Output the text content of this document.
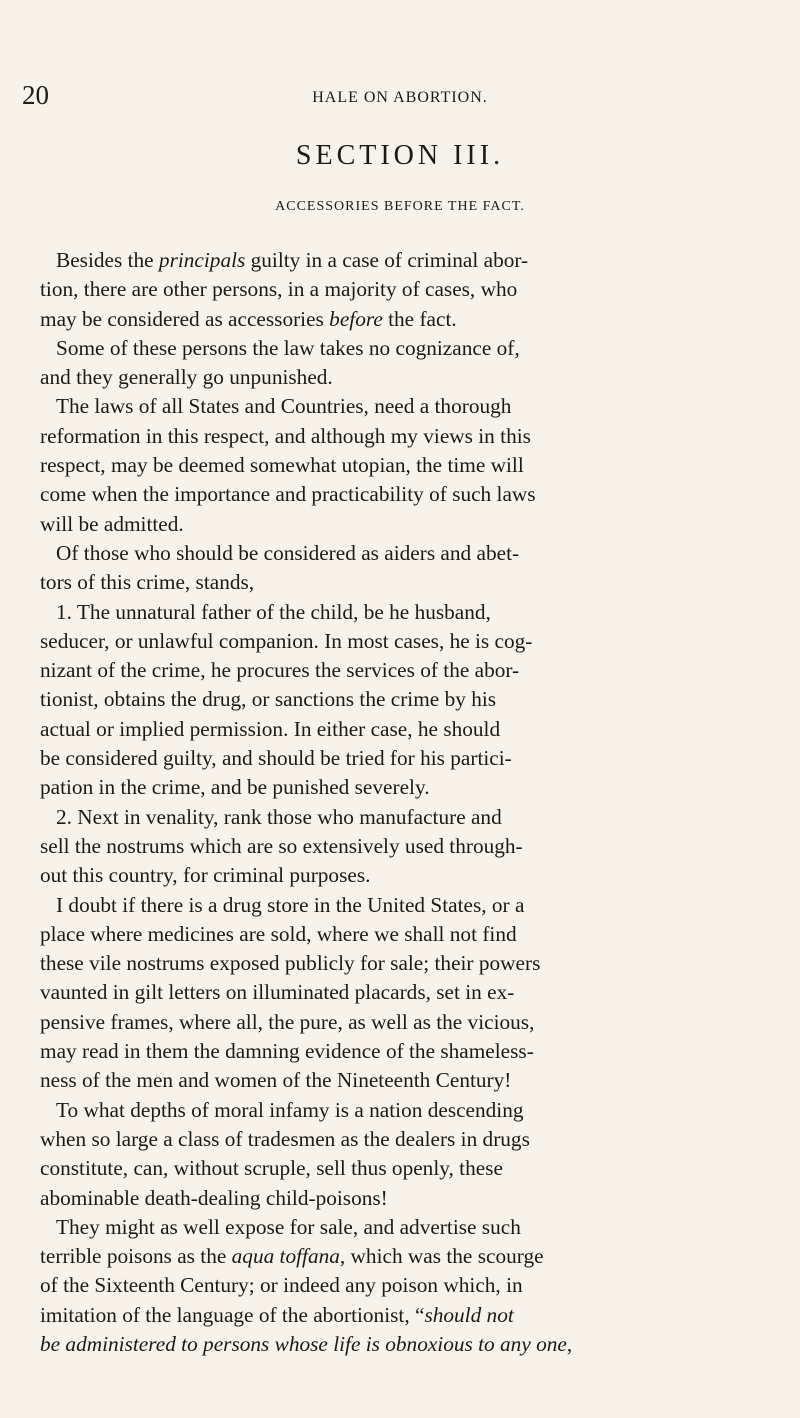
20	HALE ON ABORTION.
SECTION III.
ACCESSORIES BEFORE THE FACT.
Besides the principals guilty in a case of criminal abor-
tion, there are other persons, in a majority of cases, who
may be considered as accessories before the fact.
Some of these persons the law takes no cognizance of,
and they generally go unpunished.
The laws of all States and Countries, need a thorough
reformation in this respect, and although my views in this
respect, may be deemed somewhat utopian, the time will
come when the importance and practicability of such laws
will be admitted.
Of those who should be considered as aiders and abet-
tors of this crime, stands,
1. The unnatural father of the child, be he husband,
seducer, or unlawful companion. In most cases, he is cog-
nizant of the crime, he procures the services of the abor-
tionist, obtains the drug, or sanctions the crime by his
actual or implied permission. In either case, he should
be considered guilty, and should be tried for his partici-
pation in the crime, and be punished severely.
2. Next in venality, rank those who manufacture and
sell the nostrums which are so extensively used through-
out this country, for criminal purposes.
I doubt if there is a drug store in the United States, or a
place where medicines are sold, where we shall not find
these vile nostrums exposed publicly for sale; their powers
vaunted in gilt letters on illuminated placards, set in ex-
pensive frames, where all, the pure, as well as the vicious,
may read in them the damning evidence of the shameless-
ness of the men and women of the Nineteenth Century!
To what depths of moral infamy is a nation descending
when so large a class of tradesmen as the dealers in drugs
constitute, can, without scruple, sell thus openly, these
abominable death-dealing child-poisons!
They might as well expose for sale, and advertise such
terrible poisons as the aqua toffana, which was the scourge
of the Sixteenth Century; or indeed any poison which, in
imitation of the language of the abortionist, “should not
be administered to persons whose life is obnoxious to any one,
